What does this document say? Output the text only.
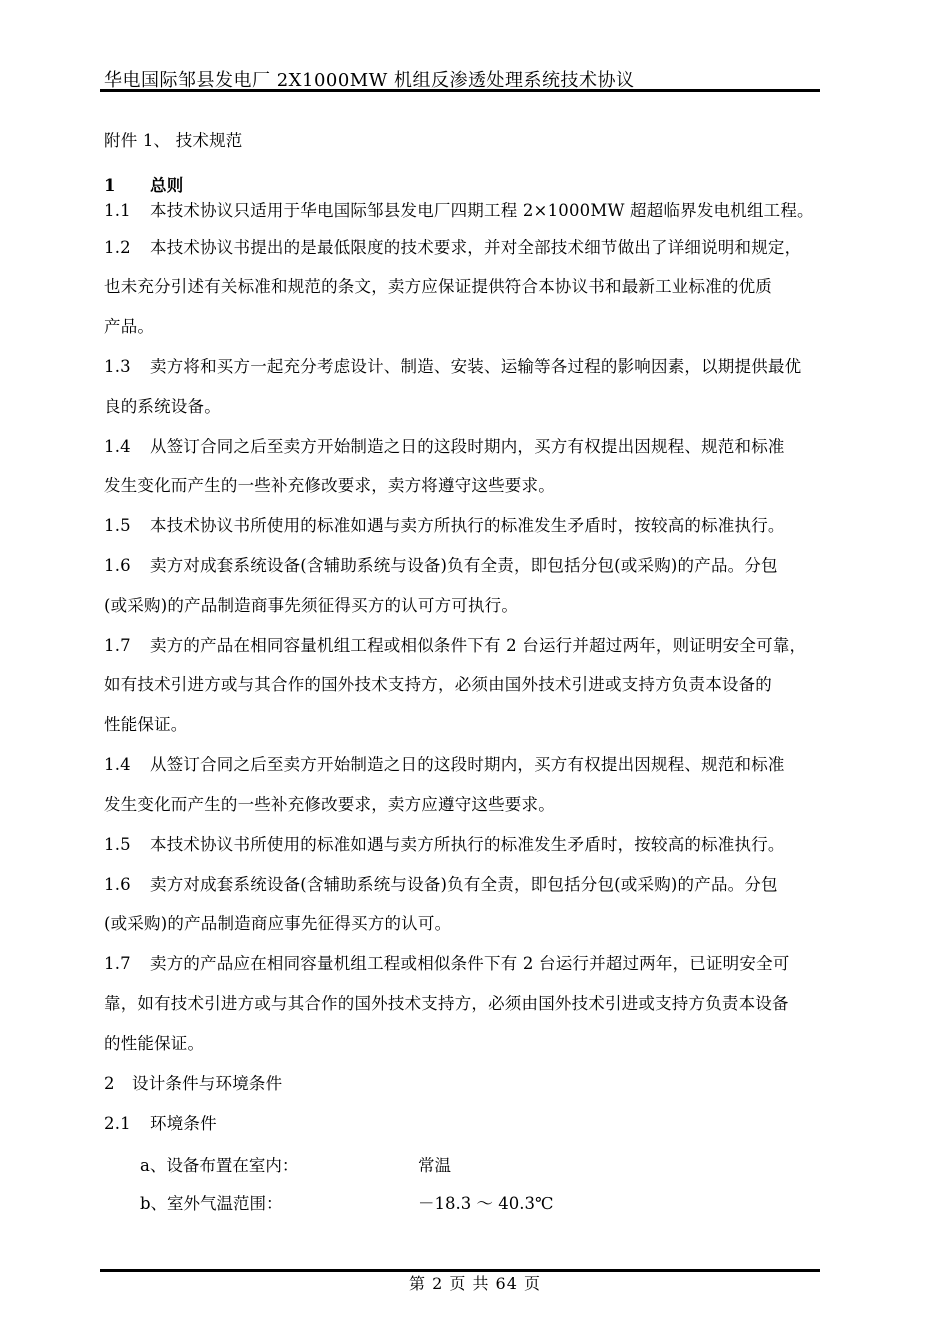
华电国际邹县发电厂 2X1000MW 机组反渗透处理系统技术协议
附件 1、 技术规范
1 总则
1.1 本技术协议只适用于华电国际邹县发电厂四期工程 2×1000MW 超超临界发电机组工程。
1.2 本技术协议书提出的是最低限度的技术要求，并对全部技术细节做出了详细说明和规定，
也未充分引述有关标准和规范的条文，卖方应保证提供符合本协议书和最新工业标准的优质
产品。
1.3 卖方将和买方一起充分考虑设计、制造、安装、运输等各过程的影响因素，以期提供最优
良的系统设备。
1.4 从签订合同之后至卖方开始制造之日的这段时期内，买方有权提出因规程、规范和标准
发生变化而产生的一些补充修改要求，卖方将遵守这些要求。
1.5 本技术协议书所使用的标准如遇与卖方所执行的标准发生矛盾时，按较高的标准执行。
1.6 卖方对成套系统设备(含辅助系统与设备)负有全责，即包括分包(或采购)的产品。分包
(或采购)的产品制造商事先须征得买方的认可方可执行。
1.7 卖方的产品在相同容量机组工程或相似条件下有 2 台运行并超过两年，则证明安全可靠，
如有技术引进方或与其合作的国外技术支持方，必须由国外技术引进或支持方负责本设备的
性能保证。
1.4 从签订合同之后至卖方开始制造之日的这段时期内，买方有权提出因规程、规范和标准
发生变化而产生的一些补充修改要求，卖方应遵守这些要求。
1.5 本技术协议书所使用的标准如遇与卖方所执行的标准发生矛盾时，按较高的标准执行。
1.6 卖方对成套系统设备(含辅助系统与设备)负有全责，即包括分包(或采购)的产品。分包
(或采购)的产品制造商应事先征得买方的认可。
1.7 卖方的产品应在相同容量机组工程或相似条件下有 2 台运行并超过两年，已证明安全可
靠，如有技术引进方或与其合作的国外技术支持方，必须由国外技术引进或支持方负责本设备
的性能保证。
2 设计条件与环境条件
2.1 环境条件
a、设备布置在室内：	常温
b、室外气温范围：	－18.3 ～ 40.3℃
第 2 页 共 64 页
